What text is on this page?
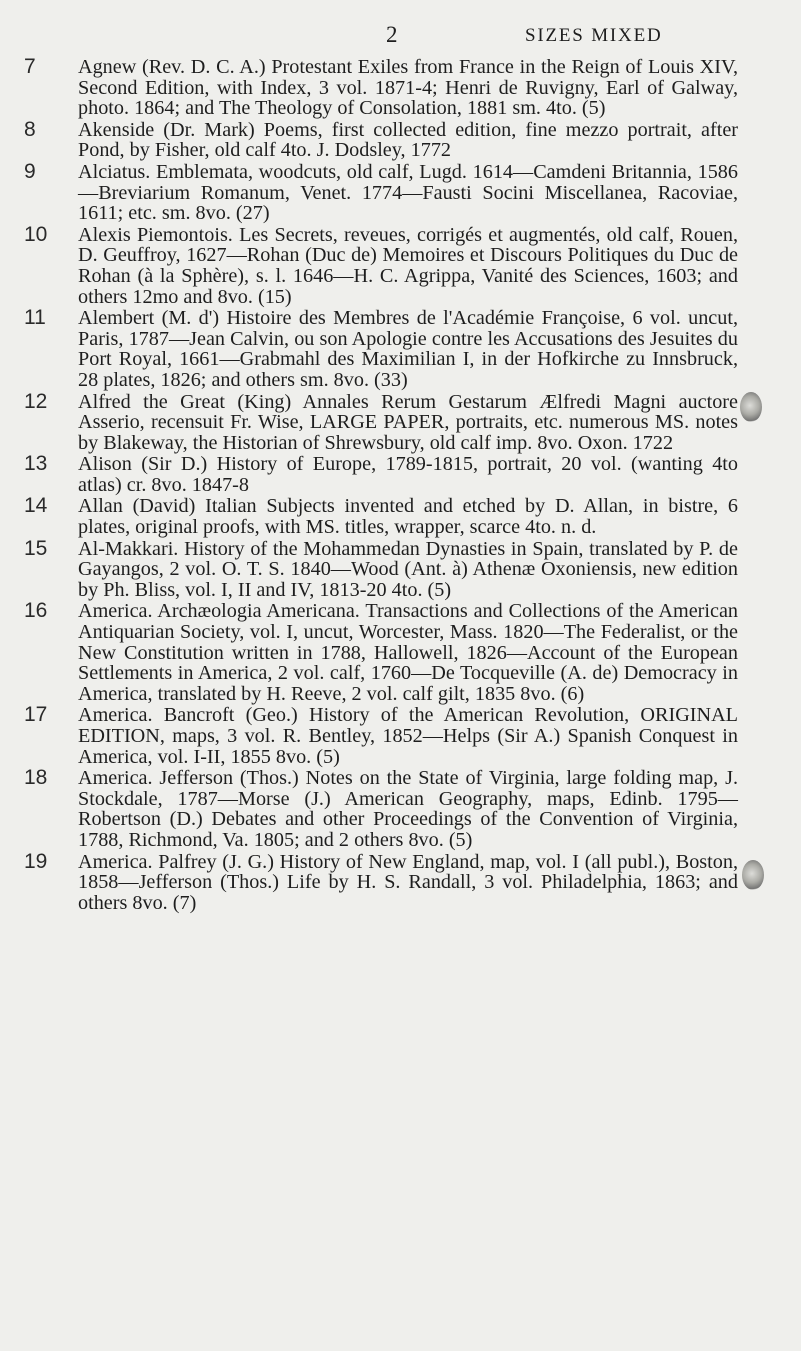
2	SIZES MIXED
7	Agnew (Rev. D. C. A.) Protestant Exiles from France in the Reign of Louis XIV, Second Edition, with Index, 3 vol. 1871-4; Henri de Ruvigny, Earl of Galway, photo. 1864; and The Theology of Consolation, 1881 sm. 4to. (5)
8	Akenside (Dr. Mark) Poems, first collected edition, fine mezzo portrait, after Pond, by Fisher, old calf 4to. J. Dodsley, 1772
9	Alciatus. Emblemata, woodcuts, old calf, Lugd. 1614—Camdeni Britannia, 1586—Breviarium Romanum, Venet. 1774—Fausti Socini Miscellanea, Racoviae, 1611; etc. sm. 8vo. (27)
10	Alexis Piemontois. Les Secrets, reveues, corrigés et augmentés, old calf, Rouen, D. Geuffroy, 1627—Rohan (Duc de) Memoires et Discours Politiques du Duc de Rohan (à la Sphère), s. l. 1646—H. C. Agrippa, Vanité des Sciences, 1603; and others 12mo and 8vo. (15)
11	Alembert (M. d') Histoire des Membres de l'Académie Françoise, 6 vol. uncut, Paris, 1787—Jean Calvin, ou son Apologie contre les Accusations des Jesuites du Port Royal, 1661—Grabmahl des Maximilian I, in der Hofkirche zu Innsbruck, 28 plates, 1826; and others sm. 8vo. (33)
12	Alfred the Great (King) Annales Rerum Gestarum Ælfredi Magni auctore Asserio, recensuit Fr. Wise, LARGE PAPER, portraits, etc. numerous MS. notes by Blakeway, the Historian of Shrewsbury, old calf imp. 8vo. Oxon. 1722
13	Alison (Sir D.) History of Europe, 1789-1815, portrait, 20 vol. (wanting 4to atlas) cr. 8vo. 1847-8
14	Allan (David) Italian Subjects invented and etched by D. Allan, in bistre, 6 plates, original proofs, with MS. titles, wrapper, scarce 4to. n. d.
15	Al-Makkari. History of the Mohammedan Dynasties in Spain, translated by P. de Gayangos, 2 vol. O. T. S. 1840—Wood (Ant. à) Athenæ Oxoniensis, new edition by Ph. Bliss, vol. I, II and IV, 1813-20 4to. (5)
16	America. Archæologia Americana. Transactions and Collections of the American Antiquarian Society, vol. I, uncut, Worcester, Mass. 1820—The Federalist, or the New Constitution written in 1788, Hallowell, 1826—Account of the European Settlements in America, 2 vol. calf, 1760—De Tocqueville (A. de) Democracy in America, translated by H. Reeve, 2 vol. calf gilt, 1835 8vo. (6)
17	America. Bancroft (Geo.) History of the American Revolution, ORIGINAL EDITION, maps, 3 vol. R. Bentley, 1852—Helps (Sir A.) Spanish Conquest in America, vol. I-II, 1855 8vo. (5)
18	America. Jefferson (Thos.) Notes on the State of Virginia, large folding map, J. Stockdale, 1787—Morse (J.) American Geography, maps, Edinb. 1795—Robertson (D.) Debates and other Proceedings of the Convention of Virginia, 1788, Richmond, Va. 1805; and 2 others 8vo. (5)
19	America. Palfrey (J. G.) History of New England, map, vol. I (all publ.), Boston, 1858—Jefferson (Thos.) Life by H. S. Randall, 3 vol. Philadelphia, 1863; and others 8vo. (7)
